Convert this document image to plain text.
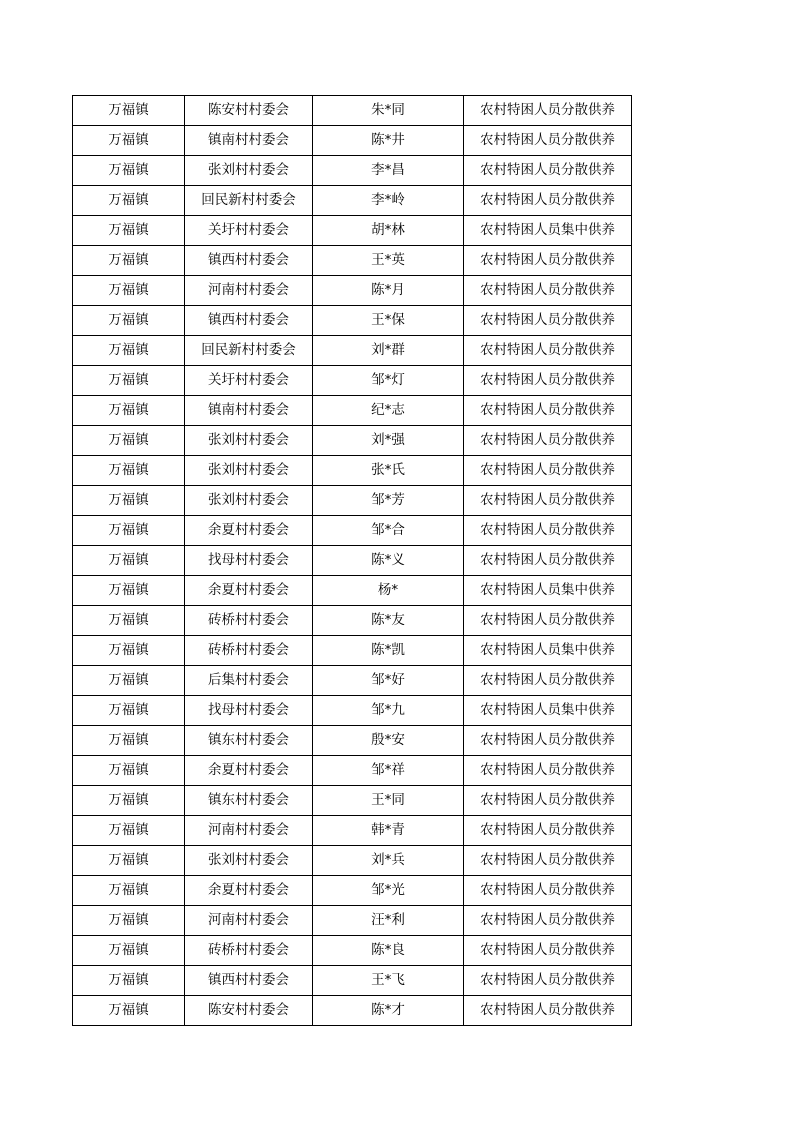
万福镇	陈安村村委会	朱*同	农村特困人员分散供养
万福镇	镇南村村委会	陈*井	农村特困人员分散供养
万福镇	张刘村村委会	李*昌	农村特困人员分散供养
万福镇	回民新村村委会	李*岭	农村特困人员分散供养
万福镇	关圩村村委会	胡*林	农村特困人员集中供养
万福镇	镇西村村委会	王*英	农村特困人员分散供养
万福镇	河南村村委会	陈*月	农村特困人员分散供养
万福镇	镇西村村委会	王*保	农村特困人员分散供养
万福镇	回民新村村委会	刘*群	农村特困人员分散供养
万福镇	关圩村村委会	邹*灯	农村特困人员分散供养
万福镇	镇南村村委会	纪*志	农村特困人员分散供养
万福镇	张刘村村委会	刘*强	农村特困人员分散供养
万福镇	张刘村村委会	张*氏	农村特困人员分散供养
万福镇	张刘村村委会	邹*芳	农村特困人员分散供养
万福镇	余夏村村委会	邹*合	农村特困人员分散供养
万福镇	找母村村委会	陈*义	农村特困人员分散供养
万福镇	余夏村村委会	杨*	农村特困人员集中供养
万福镇	砖桥村村委会	陈*友	农村特困人员分散供养
万福镇	砖桥村村委会	陈*凯	农村特困人员集中供养
万福镇	后集村村委会	邹*好	农村特困人员分散供养
万福镇	找母村村委会	邹*九	农村特困人员集中供养
万福镇	镇东村村委会	殷*安	农村特困人员分散供养
万福镇	余夏村村委会	邹*祥	农村特困人员分散供养
万福镇	镇东村村委会	王*同	农村特困人员分散供养
万福镇	河南村村委会	韩*青	农村特困人员分散供养
万福镇	张刘村村委会	刘*兵	农村特困人员分散供养
万福镇	余夏村村委会	邹*光	农村特困人员分散供养
万福镇	河南村村委会	汪*利	农村特困人员分散供养
万福镇	砖桥村村委会	陈*良	农村特困人员分散供养
万福镇	镇西村村委会	王*飞	农村特困人员分散供养
万福镇	陈安村村委会	陈*才	农村特困人员分散供养
